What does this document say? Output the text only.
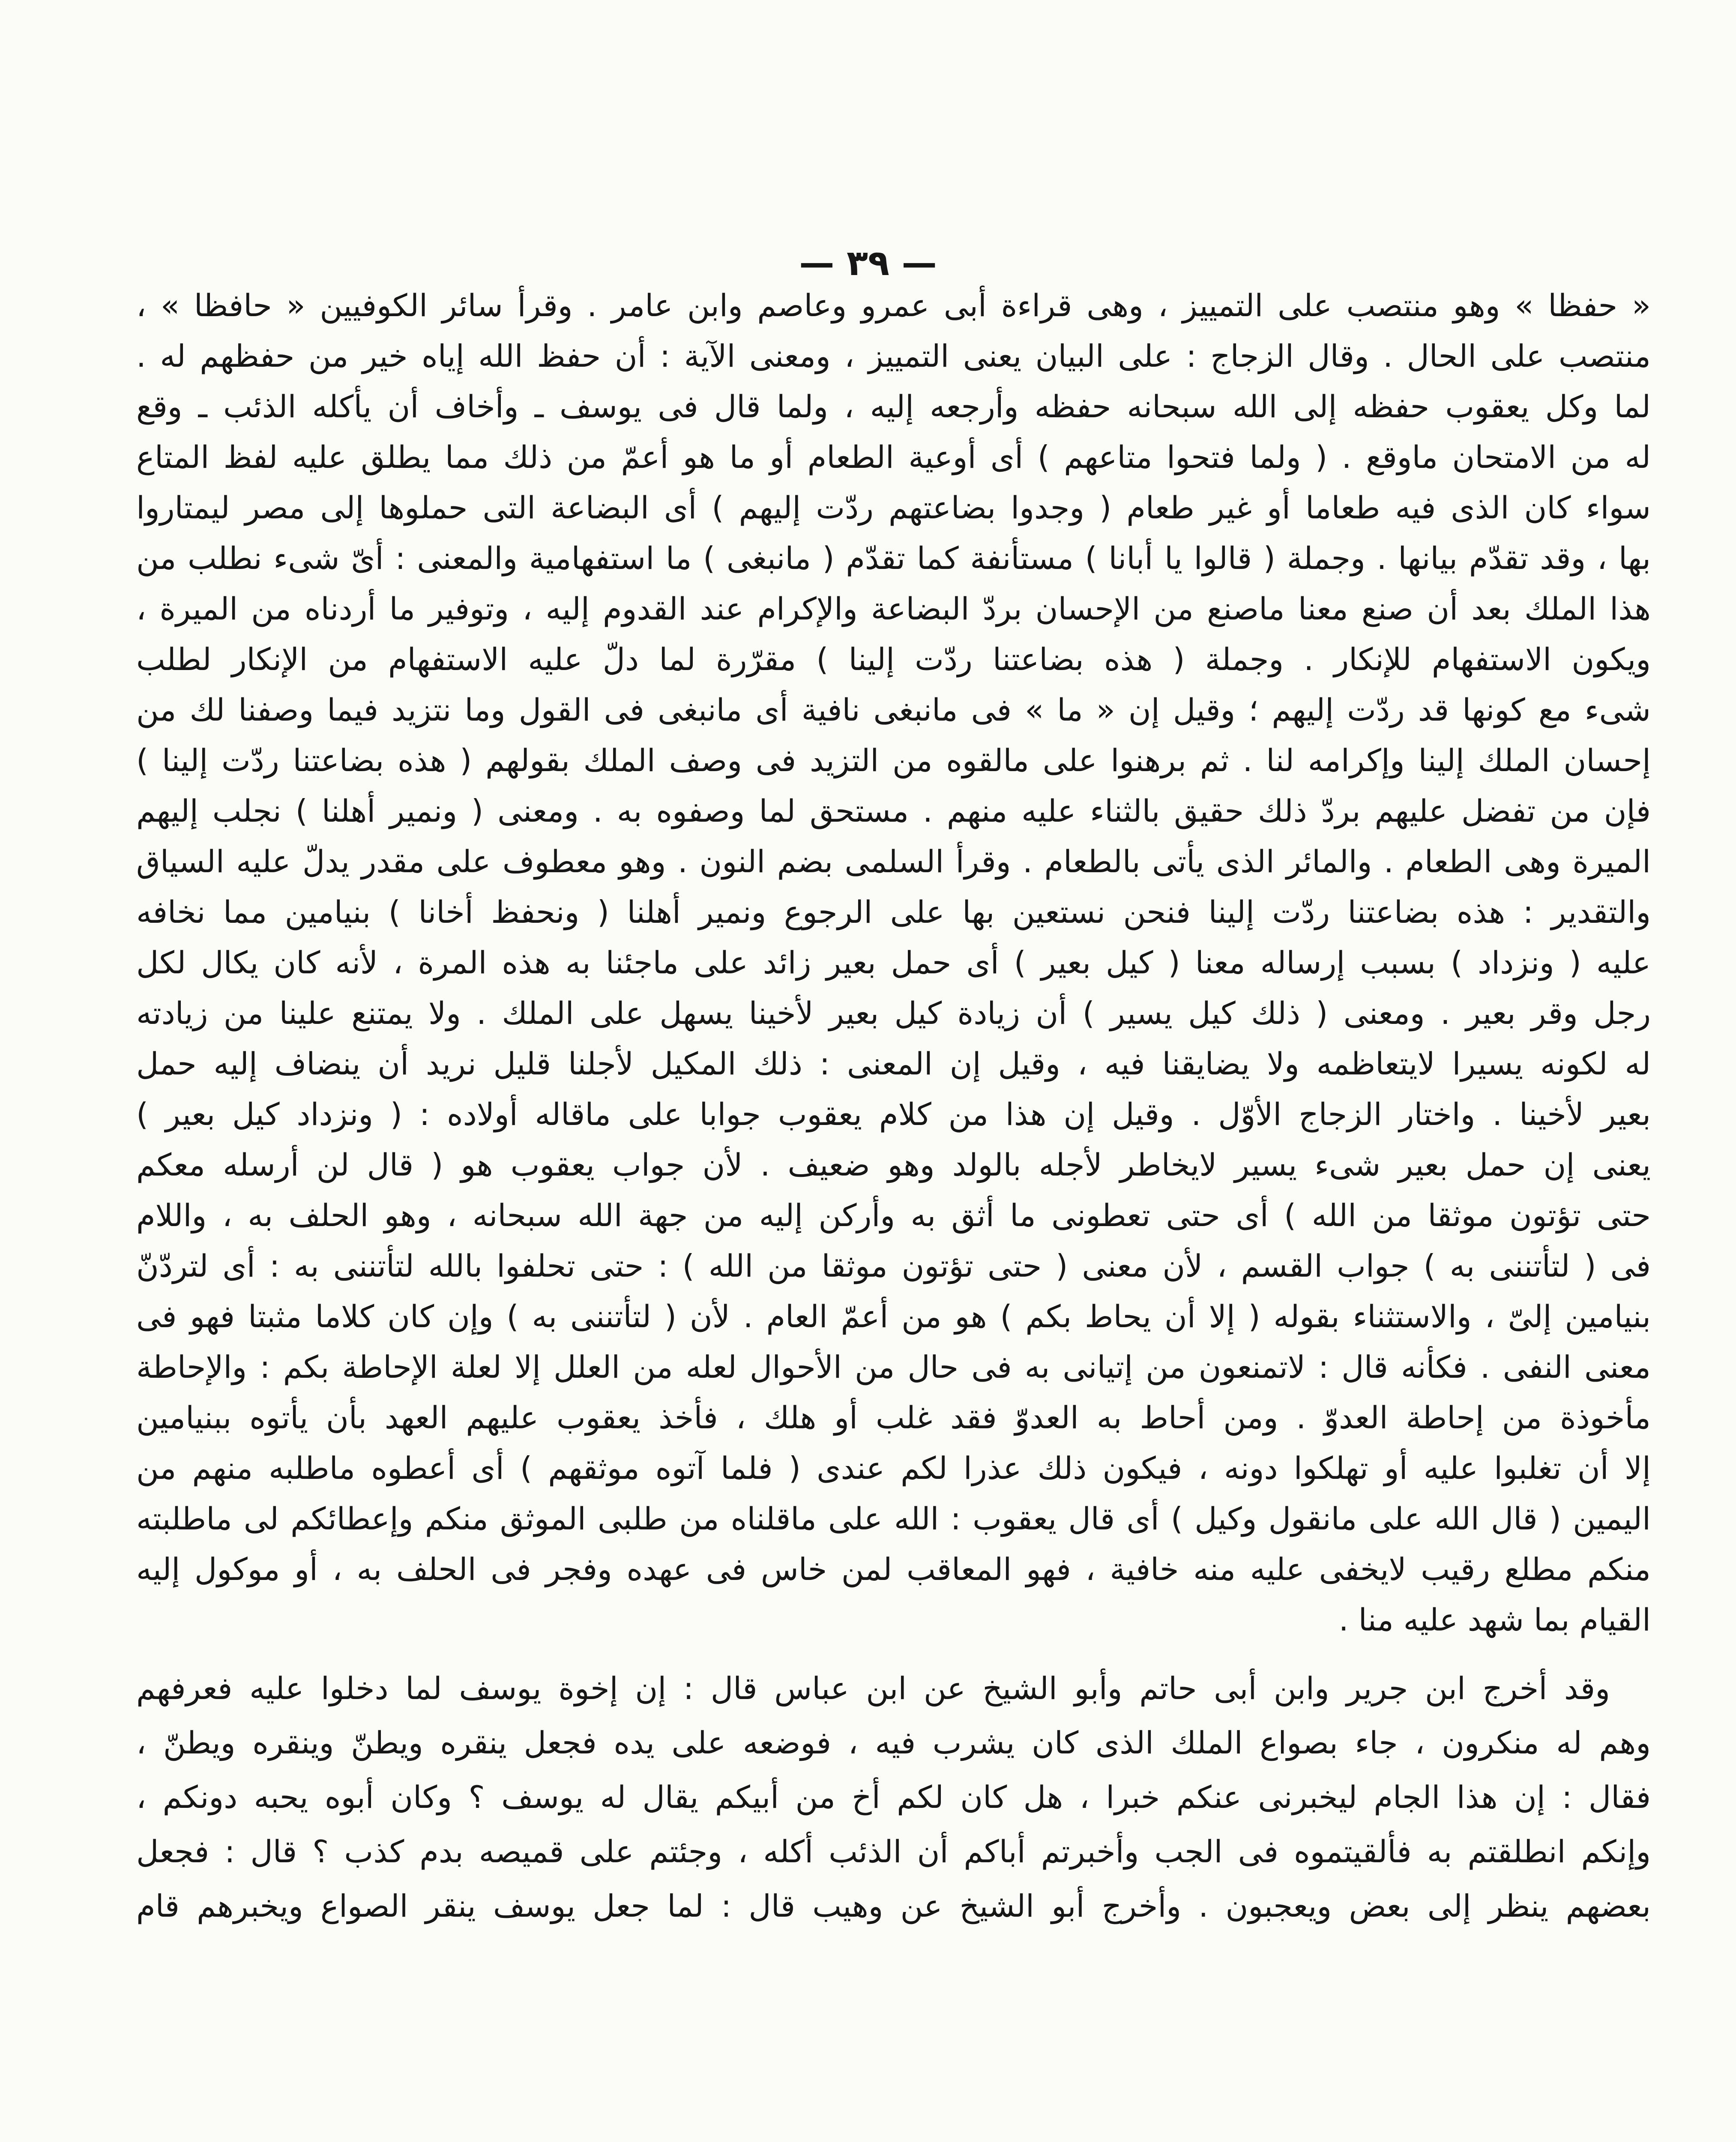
— ٣٩ —
« حفظا » وهو منتصب على التمييز ، وهى قراءة أبى عمرو وعاصم وابن عامر . وقرأ سائر الكوفيين « حافظا » ،
منتصب على الحال . وقال الزجاج : على البيان يعنى التمييز ، ومعنى الآية : أن حفظ الله إياه خير من حفظهم له .
لما وكل يعقوب حفظه إلى الله سبحانه حفظه وأرجعه إليه ، ولما قال فى يوسف ـ وأخاف أن يأكله الذئب ـ وقع
له من الامتحان ماوقع . ( ولما فتحوا متاعهم ) أى أوعية الطعام أو ما هو أعمّ من ذلك مما يطلق عليه لفظ المتاع
سواء كان الذى فيه طعاما أو غير طعام ( وجدوا بضاعتهم ردّت إليهم ) أى البضاعة التى حملوها إلى مصر ليمتاروا
بها ، وقد تقدّم بيانها . وجملة ( قالوا يا أبانا ) مستأنفة كما تقدّم ( مانبغى ) ما استفهامية والمعنى : أىّ شىء نطلب من
هذا الملك بعد أن صنع معنا ماصنع من الإحسان بردّ البضاعة والإكرام عند القدوم إليه ، وتوفير ما أردناه من الميرة ،
ويكون الاستفهام للإنكار . وجملة ( هذه بضاعتنا ردّت إلينا ) مقرّرة لما دلّ عليه الاستفهام من الإنكار لطلب
شىء مع كونها قد ردّت إليهم ؛ وقيل إن « ما » فى مانبغى نافية أى مانبغى فى القول وما نتزيد فيما وصفنا لك من
إحسان الملك إلينا وإكرامه لنا . ثم برهنوا على مالقوه من التزيد فى وصف الملك بقولهم ( هذه بضاعتنا ردّت إلينا )
فإن من تفضل عليهم بردّ ذلك حقيق بالثناء عليه منهم . مستحق لما وصفوه به . ومعنى ( ونمير أهلنا ) نجلب إليهم
الميرة وهى الطعام . والمائر الذى يأتى بالطعام . وقرأ السلمى بضم النون . وهو معطوف على مقدر يدلّ عليه السياق
والتقدير : هذه بضاعتنا ردّت إلينا فنحن نستعين بها على الرجوع ونمير أهلنا ( ونحفظ أخانا ) بنيامين مما نخافه
عليه ( ونزداد ) بسبب إرساله معنا ( كيل بعير ) أى حمل بعير زائد على ماجئنا به هذه المرة ، لأنه كان يكال لكل
رجل وقر بعير . ومعنى ( ذلك كيل يسير ) أن زيادة كيل بعير لأخينا يسهل على الملك . ولا يمتنع علينا من زيادته
له لكونه يسيرا لايتعاظمه ولا يضايقنا فيه ، وقيل إن المعنى : ذلك المكيل لأجلنا قليل نريد أن ينضاف إليه حمل
بعير لأخينا . واختار الزجاج الأوّل . وقيل إن هذا من كلام يعقوب جوابا على ماقاله أولاده : ( ونزداد كيل بعير )
يعنى إن حمل بعير شىء يسير لايخاطر لأجله بالولد وهو ضعيف . لأن جواب يعقوب هو ( قال لن أرسله معكم
حتى تؤتون موثقا من الله ) أى حتى تعطونى ما أثق به وأركن إليه من جهة الله سبحانه ، وهو الحلف به ، واللام
فى ( لتأتننى به ) جواب القسم ، لأن معنى ( حتى تؤتون موثقا من الله ) : حتى تحلفوا بالله لتأتننى به : أى لتردّنّ
بنيامين إلىّ ، والاستثناء بقوله ( إلا أن يحاط بكم ) هو من أعمّ العام . لأن ( لتأتننى به ) وإن كان كلاما مثبتا فهو فى
معنى النفى . فكأنه قال : لاتمنعون من إتيانى به فى حال من الأحوال لعله من العلل إلا لعلة الإحاطة بكم : والإحاطة
مأخوذة من إحاطة العدوّ . ومن أحاط به العدوّ فقد غلب أو هلك ، فأخذ يعقوب عليهم العهد بأن يأتوه ببنيامين
إلا أن تغلبوا عليه أو تهلكوا دونه ، فيكون ذلك عذرا لكم عندى ( فلما آتوه موثقهم ) أى أعطوه ماطلبه منهم من
اليمين ( قال الله على مانقول وكيل ) أى قال يعقوب : الله على ماقلناه من طلبى الموثق منكم وإعطائكم لى ماطلبته
منكم مطلع رقيب لايخفى عليه منه خافية ، فهو المعاقب لمن خاس فى عهده وفجر فى الحلف به ، أو موكول إليه
القيام بما شهد عليه منا .
وقد أخرج ابن جرير وابن أبى حاتم وأبو الشيخ عن ابن عباس قال : إن إخوة يوسف لما دخلوا عليه فعرفهم
وهم له منكرون ، جاء بصواع الملك الذى كان يشرب فيه ، فوضعه على يده فجعل ينقره ويطنّ وينقره ويطنّ ،
فقال : إن هذا الجام ليخبرنى عنكم خبرا ، هل كان لكم أخ من أبيكم يقال له يوسف ؟ وكان أبوه يحبه دونكم ،
وإنكم انطلقتم به فألقيتموه فى الجب وأخبرتم أباكم أن الذئب أكله ، وجئتم على قميصه بدم كذب ؟ قال : فجعل
بعضهم ينظر إلى بعض ويعجبون . وأخرج أبو الشيخ عن وهيب قال : لما جعل يوسف ينقر الصواع ويخبرهم قام
